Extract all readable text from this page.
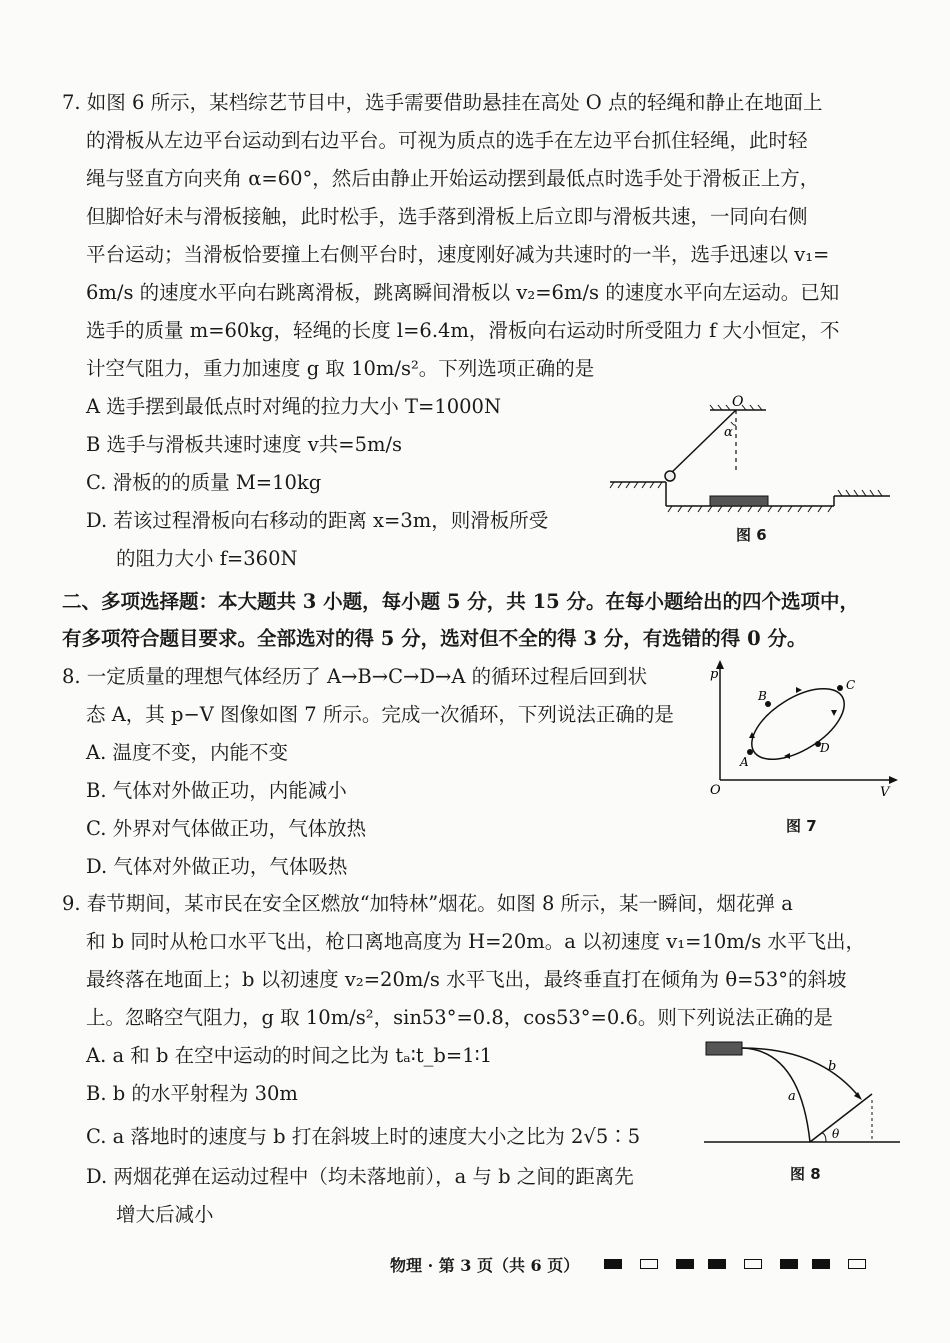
7. 如图 6 所示，某档综艺节目中，选手需要借助悬挂在高处 O 点的轻绳和静止在地面上
的滑板从左边平台运动到右边平台。可视为质点的选手在左边平台抓住轻绳，此时轻
绳与竖直方向夹角 α=60°，然后由静止开始运动摆到最低点时选手处于滑板正上方，
但脚恰好未与滑板接触，此时松手，选手落到滑板上后立即与滑板共速，一同向右侧
平台运动；当滑板恰要撞上右侧平台时，速度刚好减为共速时的一半，选手迅速以 v₁=
6m/s 的速度水平向右跳离滑板，跳离瞬间滑板以 v₂=6m/s 的速度水平向左运动。已知
选手的质量 m=60kg，轻绳的长度 l=6.4m，滑板向右运动时所受阻力 f 大小恒定，不
计空气阻力，重力加速度 g 取 10m/s²。下列选项正确的是
A 选手摆到最低点时对绳的拉力大小 T=1000N
B 选手与滑板共速时速度 v共=5m/s
C. 滑板的的质量 M=10kg
D. 若该过程滑板向右移动的距离 x=3m，则滑板所受
的阻力大小 f=360N
O
α
图 6
二、多项选择题：本大题共 3 小题，每小题 5 分，共 15 分。在每小题给出的四个选项中，
有多项符合题目要求。全部选对的得 5 分，选对但不全的得 3 分，有选错的得 0 分。
8. 一定质量的理想气体经历了 A→B→C→D→A 的循环过程后回到状
态 A，其 p−V 图像如图 7 所示。完成一次循环，下列说法正确的是
A. 温度不变，内能不变
B. 气体对外做正功，内能减小
C. 外界对气体做正功，气体放热
D. 气体对外做正功，气体吸热
p
O	V
A
B
C
D
图 7
9. 春节期间，某市民在安全区燃放“加特林”烟花。如图 8 所示，某一瞬间，烟花弹 a
和 b 同时从枪口水平飞出，枪口离地高度为 H=20m。a 以初速度 v₁=10m/s 水平飞出，
最终落在地面上；b 以初速度 v₂=20m/s 水平飞出，最终垂直打在倾角为 θ=53°的斜坡
上。忽略空气阻力，g 取 10m/s²，sin53°=0.8，cos53°=0.6。则下列说法正确的是
A. a 和 b 在空中运动的时间之比为 tₐ∶t_b=1∶1
B. b 的水平射程为 30m
C. a 落地时的速度与 b 打在斜坡上时的速度大小之比为 2√5∶5
D. 两烟花弹在运动过程中（均未落地前），a 与 b 之间的距离先
增大后减小
a
b
θ
图 8
物理 · 第 3 页（共 6 页）
